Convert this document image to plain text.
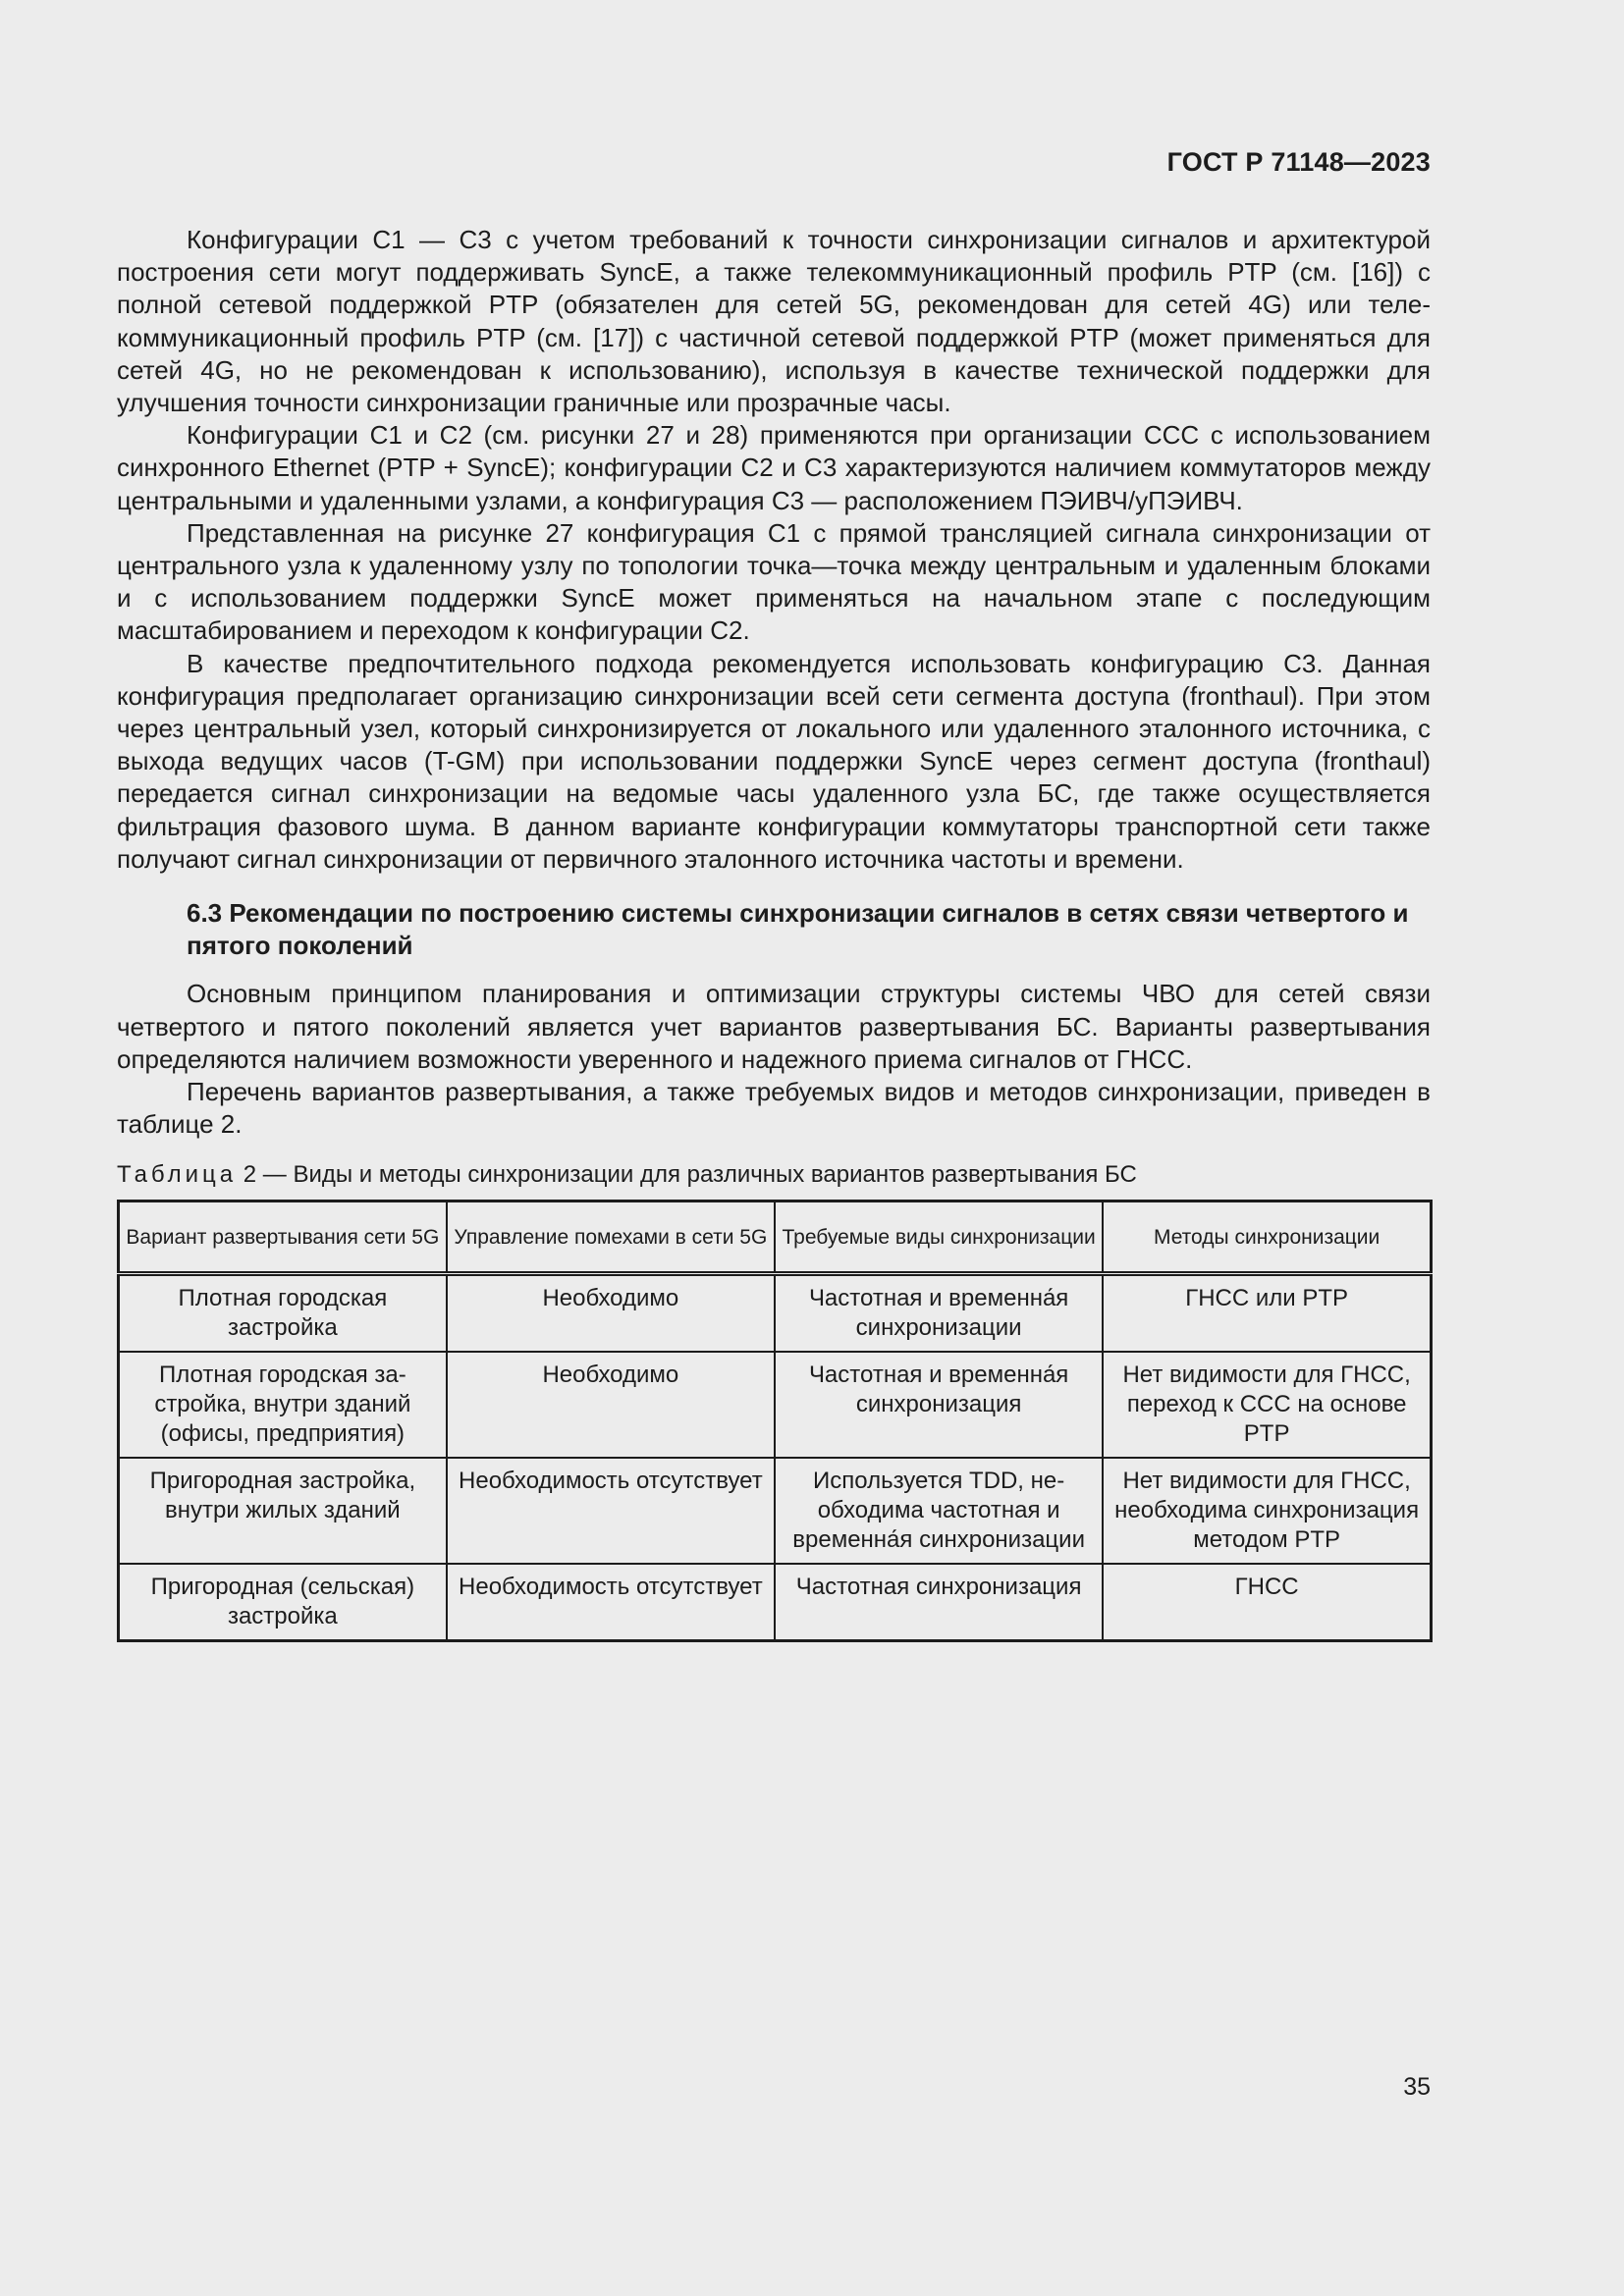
ГОСТ Р 71148—2023

Конфигурации С1 — С3 с учетом требований к точности синхронизации сигналов и архитектурой построения сети могут поддерживать SyncE, а также телекоммуникационный профиль PTP (см. [16]) с полной сетевой поддержкой PTP (обязателен для сетей 5G, рекомендован для сетей 4G) или телекоммуникационный профиль PTP (см. [17]) с частичной сетевой поддержкой PTP (может применяться для сетей 4G, но не рекомендован к использованию), используя в качестве технической поддержки для улучшения точности синхронизации граничные или прозрачные часы.

Конфигурации С1 и С2 (см. рисунки 27 и 28) применяются при организации ССС с использованием синхронного Ethernet (PTP + SyncE); конфигурации С2 и С3 характеризуются наличием коммутаторов между центральными и удаленными узлами, а конфигурация С3 — расположением ПЭИВЧ/уПЭИВЧ.

Представленная на рисунке 27 конфигурация С1 с прямой трансляцией сигнала синхронизации от центрального узла к удаленному узлу по топологии точка—точка между центральным и удаленным блоками и с использованием поддержки SyncE может применяться на начальном этапе с последующим масштабированием и переходом к конфигурации С2.

В качестве предпочтительного подхода рекомендуется использовать конфигурацию С3. Данная конфигурация предполагает организацию синхронизации всей сети сегмента доступа (fronthaul). При этом через центральный узел, который синхронизируется от локального или удаленного эталонного источника, с выхода ведущих часов (T-GM) при использовании поддержки SyncE через сегмент доступа (fronthaul) передается сигнал синхронизации на ведомые часы удаленного узла БС, где также осуществляется фильтрация фазового шума. В данном варианте конфигурации коммутаторы транспортной сети также получают сигнал синхронизации от первичного эталонного источника частоты и времени.

6.3 Рекомендации по построению системы синхронизации сигналов в сетях связи четвертого и пятого поколений

Основным принципом планирования и оптимизации структуры системы ЧВО для сетей связи четвертого и пятого поколений является учет вариантов развертывания БС. Варианты развертывания определяются наличием возможности уверенного и надежного приема сигналов от ГНСС.

Перечень вариантов развертывания, а также требуемых видов и методов синхронизации, приведен в таблице 2.

Таблица 2 — Виды и методы синхронизации для различных вариантов развертывания БС
Вариант развертывания сети 5G	Управление помехами в сети 5G	Требуемые виды синхронизации	Методы синхронизации
Плотная городская застройка	Необходимо	Частотная и временна́я синхронизации	ГНСС или PTP
Плотная городская застройка, внутри зданий (офисы, предприятия)	Необходимо	Частотная и временна́я синхронизация	Нет видимости для ГНСС, переход к ССС на основе PTP
Пригородная застройка, внутри жилых зданий	Необходимость отсутствует	Используется TDD, необходима частотная и временна́я синхронизации	Нет видимости для ГНСС, необходима синхронизация методом PTP
Пригородная (сельская) застройка	Необходимость отсутствует	Частотная синхронизация	ГНСС
35
